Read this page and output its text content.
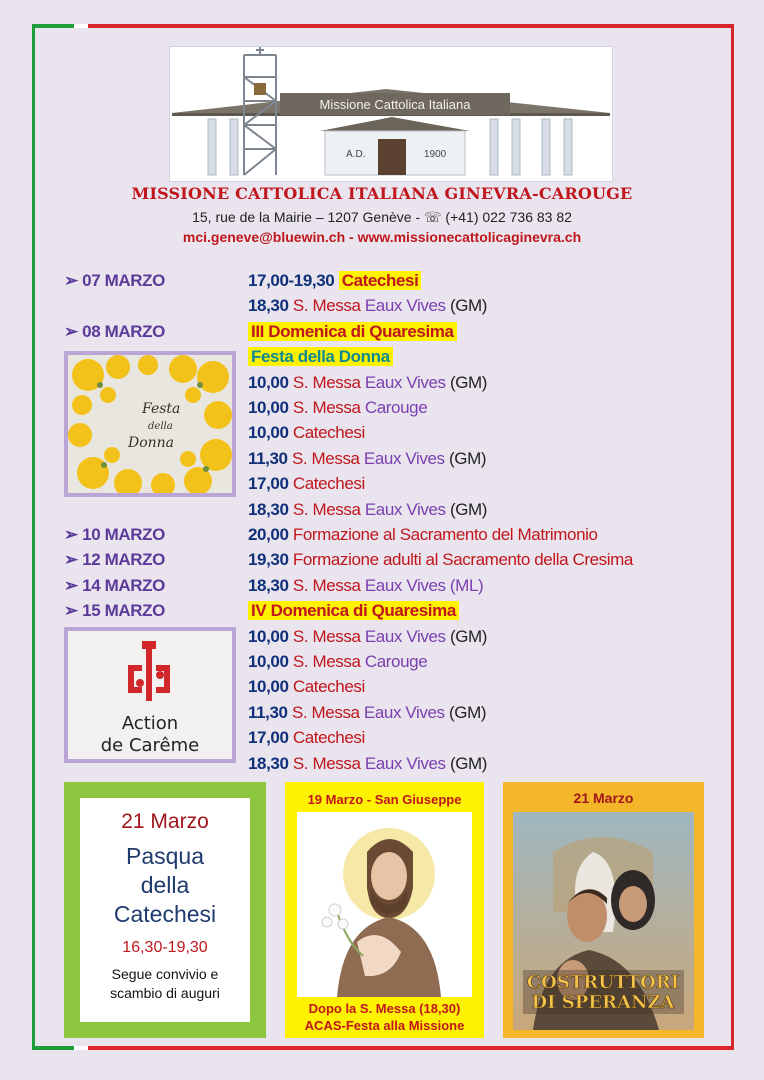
Missione Cattolica Italiana
A.D.	1900
MISSIONE CATTOLICA ITALIANA GINEVRA-CAROUGE
15, rue de la Mairie – 1207 Genève - ☏ (+41) 022 736 83 82
mci.geneve@bluewin.ch - www.missionecattolicaginevra.ch
➢ 07 MARZO	17,00-19,30 Catechesi
18,30 S. Messa Eaux Vives (GM)
➢ 08 MARZO	III Domenica di Quaresima
Festa della Donna
10,00 S. Messa Eaux Vives (GM)
10,00 S. Messa Carouge
10,00 Catechesi
11,30 S. Messa Eaux Vives (GM)
17,00 Catechesi
18,30 S. Messa Eaux Vives (GM)
➢ 10 MARZO	20,00 Formazione al Sacramento del Matrimonio
➢ 12 MARZO	19,30 Formazione adulti al Sacramento della Cresima
➢ 14 MARZO	18,30 S. Messa Eaux Vives (ML)
➢ 15 MARZO	IV Domenica di Quaresima
10,00 S. Messa Eaux Vives (GM)
10,00 S. Messa Carouge
10,00 Catechesi
11,30 S. Messa Eaux Vives (GM)
17,00 Catechesi
18,30 S. Messa Eaux Vives (GM)
Festa
della
Donna
Action
de Carême
21 Marzo
Pasqua
della
Catechesi
16,30-19,30
Segue convivio e
scambio di auguri
19 Marzo - San Giuseppe
Dopo la S. Messa (18,30)
ACAS-Festa alla Missione
21 Marzo
COSTRUTTORI
DI SPERANZA
